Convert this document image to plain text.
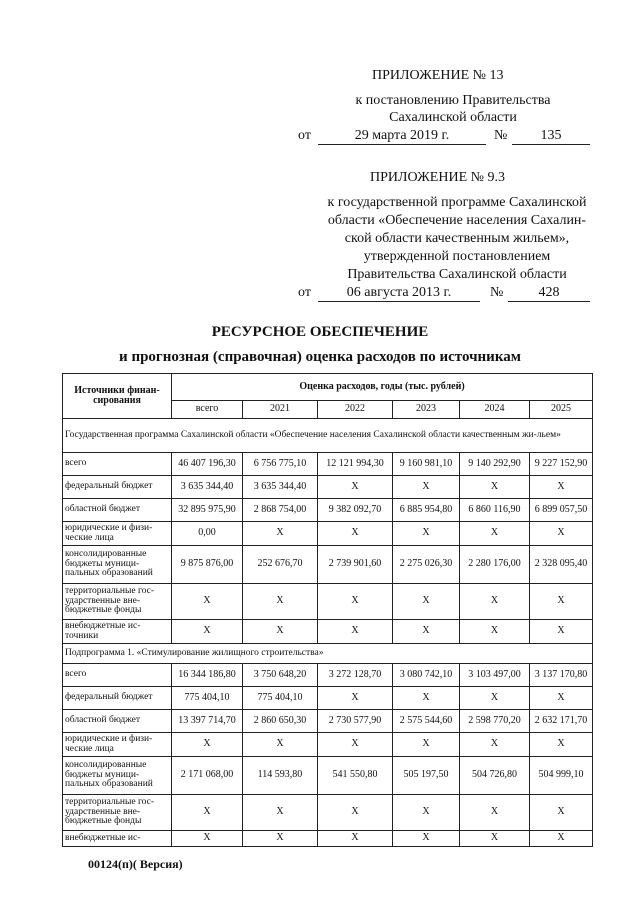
ПРИЛОЖЕНИЕ № 13
к постановлению Правительства
Сахалинской области
от	29 марта 2019 г.	№	135
ПРИЛОЖЕНИЕ № 9.3
к государственной программе Сахалинской
области «Обеспечение населения Сахалин-
ской области качественным жильем»,
утвержденной постановлением
Правительства Сахалинской области
от	06 августа 2013 г.	№	428
РЕСУРСНОЕ ОБЕСПЕЧЕНИЕ
и прогнозная (справочная) оценка расходов по источникам
Источники финан-сирования	Оценка расходов, годы (тыс. рублей)					
	всего	2021	2022	2023	2024	2025
Государственная программа Сахалинской области «Обеспечение населения Сахалинской области качественным жи-льем»						
всего	46 407 196,30	6 756 775,10	12 121 994,30	9 160 981,10	9 140 292,90	9 227 152,90
федеральный бюджет	3 635 344,40	3 635 344,40	X	X	X	X
областной бюджет	32 895 975,90	2 868 754,00	9 382 092,70	6 885 954,80	6 860 116,90	6 899 057,50
юридические и физи-ческие лица	0,00	X	X	X	X	X
консолидированные бюджеты муници-пальных образований	9 875 876,00	252 676,70	2 739 901,60	2 275 026,30	2 280 176,00	2 328 095,40
территориальные гос-ударственные вне-бюджетные фонды	X	X	X	X	X	X
внебюджетные ис-точники	X	X	X	X	X	X
Подпрограмма 1. «Стимулирование жилищного строительства»						
всего	16 344 186,80	3 750 648,20	3 272 128,70	3 080 742,10	3 103 497,00	3 137 170,80
федеральный бюджет	775 404,10	775 404,10	X	X	X	X
областной бюджет	13 397 714,70	2 860 650,30	2 730 577,90	2 575 544,60	2 598 770,20	2 632 171,70
юридические и физи-ческие лица	X	X	X	X	X	X
консолидированные бюджеты муници-пальных образований	2 171 068,00	114 593,80	541 550,80	505 197,50	504 726,80	504 999,10
территориальные гос-ударственные вне-бюджетные фонды	X	X	X	X	X	X
внебюджетные ис-	X	X	X	X	X	X
00124(п)( Версия)
